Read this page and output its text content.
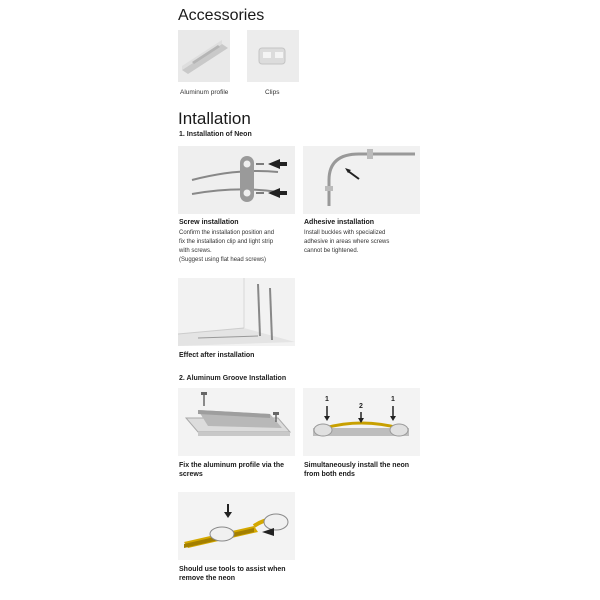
Accessories
Aluminum profile	Clips
Intallation
1. Installation of Neon
Screw installation
Confirm the installation position and
fix the installation clip and light strip
with screws.
(Suggest using flat head screws)
Adhesive installation
Install buckles with specialized
adhesive in areas where screws
cannot be tightened.
Effect after installation
2. Aluminum Groove Installation
Fix the aluminum profile via the
screws
1
2
1
Simultaneously install the neon
from both ends
Should use tools to assist when
remove the neon
